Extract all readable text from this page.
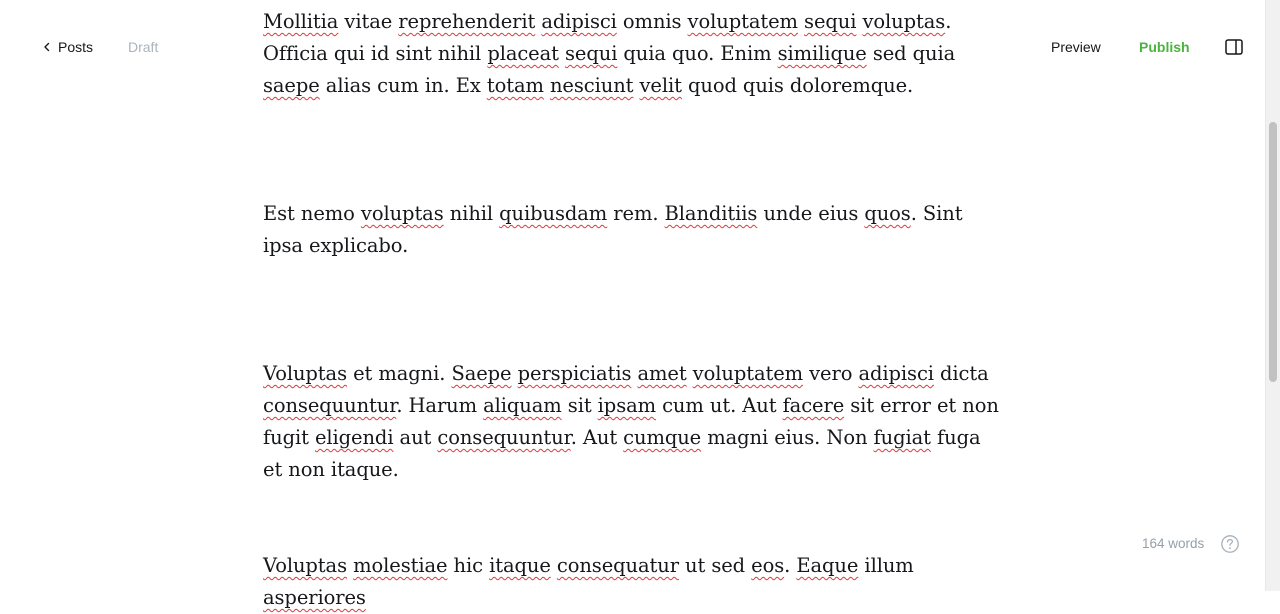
Mollitia vitae reprehenderit adipisci omnis voluptatem sequi voluptas. Officia qui id sint nihil placeat sequi quia quo. Enim similique sed quia saepe alias cum in. Ex totam nesciunt velit quod quis doloremque.

Est nemo voluptas nihil quibusdam rem. Blanditiis unde eius quos. Sint ipsa explicabo.

Voluptas et magni. Saepe perspiciatis amet voluptatem vero adipisci dicta consequuntur. Harum aliquam sit ipsam cum ut. Aut facere sit error et non fugit eligendi aut consequuntur. Aut cumque magni eius. Non fugiat fuga et non itaque.

Voluptas molestiae hic itaque consequatur ut sed eos. Eaque illum asperiores

Posts Draft	Preview	Publish
164 words
